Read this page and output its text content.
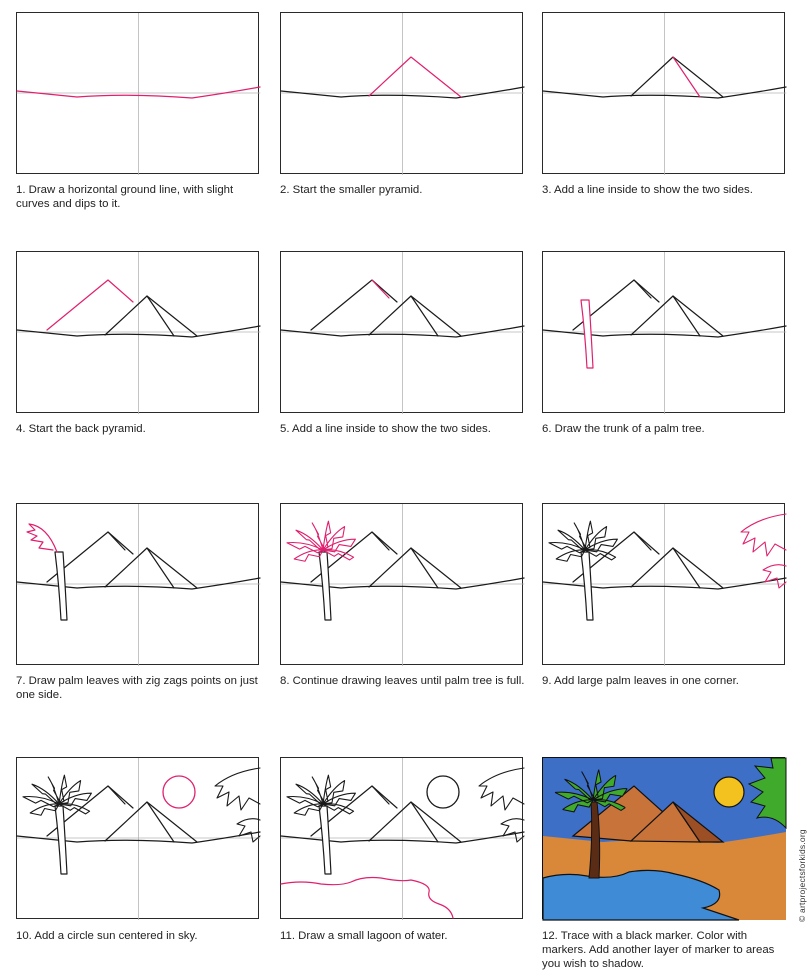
1. Draw a horizontal ground line, with slight curves and dips to it.
2. Start the smaller pyramid.	3. Add a line inside to show the two sides.
4. Start the back pyramid.	5. Add a line inside to show the two sides.	6. Draw the trunk of a palm tree.
7. Draw palm leaves with zig zags points on just one side.
8. Continue drawing leaves until palm tree is full.	9. Add large palm leaves in one corner.
10. Add a circle sun centered in sky.	11. Draw a small lagoon of water.	12. Trace with a black marker. Color with markers. Add another layer of marker to areas you wish to shadow.
© artprojectsforkids.org
